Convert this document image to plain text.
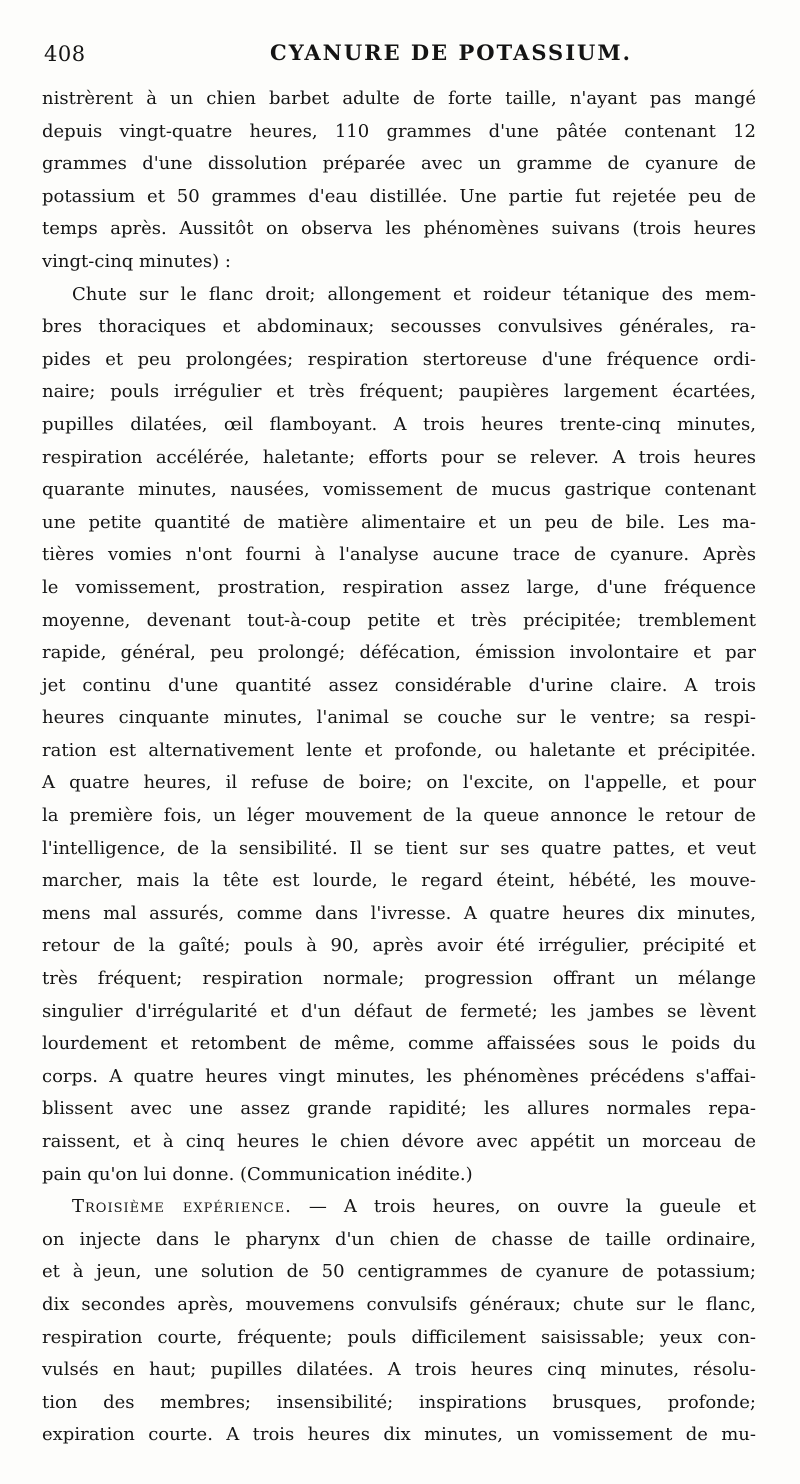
408	CYANURE DE POTASSIUM.
nistrèrent à un chien barbet adulte de forte taille, n'ayant pas mangé
depuis vingt-quatre heures, 110 grammes d'une pâtée contenant 12
grammes d'une dissolution préparée avec un gramme de cyanure de
potassium et 50 grammes d'eau distillée. Une partie fut rejetée peu de
temps après. Aussitôt on observa les phénomènes suivans (trois heures
vingt-cinq minutes) :
Chute sur le flanc droit; allongement et roideur tétanique des mem-
bres thoraciques et abdominaux; secousses convulsives générales, ra-
pides et peu prolongées; respiration stertoreuse d'une fréquence ordi-
naire; pouls irrégulier et très fréquent; paupières largement écartées,
pupilles dilatées, œil flamboyant. A trois heures trente-cinq minutes,
respiration accélérée, haletante; efforts pour se relever. A trois heures
quarante minutes, nausées, vomissement de mucus gastrique contenant
une petite quantité de matière alimentaire et un peu de bile. Les ma-
tières vomies n'ont fourni à l'analyse aucune trace de cyanure. Après
le vomissement, prostration, respiration assez large, d'une fréquence
moyenne, devenant tout-à-coup petite et très précipitée; tremblement
rapide, général, peu prolongé; défécation, émission involontaire et par
jet continu d'une quantité assez considérable d'urine claire. A trois
heures cinquante minutes, l'animal se couche sur le ventre; sa respi-
ration est alternativement lente et profonde, ou haletante et précipitée.
A quatre heures, il refuse de boire; on l'excite, on l'appelle, et pour
la première fois, un léger mouvement de la queue annonce le retour de
l'intelligence, de la sensibilité. Il se tient sur ses quatre pattes, et veut
marcher, mais la tête est lourde, le regard éteint, hébété, les mouve-
mens mal assurés, comme dans l'ivresse. A quatre heures dix minutes,
retour de la gaîté; pouls à 90, après avoir été irrégulier, précipité et
très fréquent; respiration normale; progression offrant un mélange
singulier d'irrégularité et d'un défaut de fermeté; les jambes se lèvent
lourdement et retombent de même, comme affaissées sous le poids du
corps. A quatre heures vingt minutes, les phénomènes précédens s'affai-
blissent avec une assez grande rapidité; les allures normales repa-
raissent, et à cinq heures le chien dévore avec appétit un morceau de
pain qu'on lui donne. (Communication inédite.)
Troisième expérience. — A trois heures, on ouvre la gueule et
on injecte dans le pharynx d'un chien de chasse de taille ordinaire,
et à jeun, une solution de 50 centigrammes de cyanure de potassium;
dix secondes après, mouvemens convulsifs généraux; chute sur le flanc,
respiration courte, fréquente; pouls difficilement saisissable; yeux con-
vulsés en haut; pupilles dilatées. A trois heures cinq minutes, résolu-
tion des membres; insensibilité; inspirations brusques, profonde;
expiration courte. A trois heures dix minutes, un vomissement de mu-
